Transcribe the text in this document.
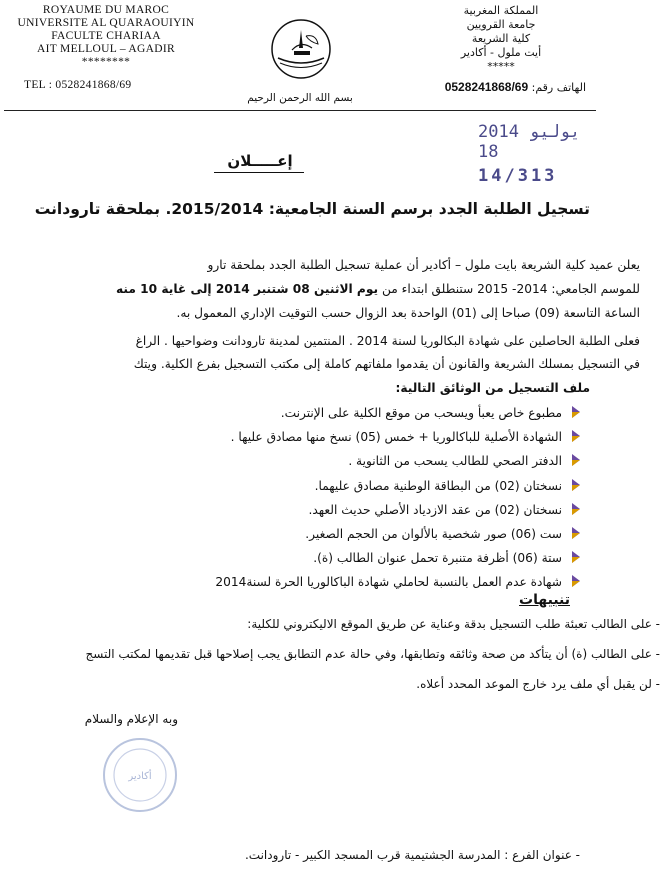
ROYAUME DU MAROC
UNIVERSITE AL QUARAOUIYIN
FACULTE CHARIAA
AIT MELLOUL – AGADIR
********
TEL : 0528241868/69
بسم الله الرحمن الرحيم
المملكة المغربية
جامعة القرويين
كلية الشريعة
أيت ملول - أكادير
*****
الهاتف رقم: 0528241868/69
2014 يوليو 18
14/313
إعـــــلان
تسجيل الطلبة الجدد برسم السنة الجامعية: 2015/2014. بملحقة تارودانت
يعلن عميد كلية الشريعة بايت ملول – أكادير أن عملية تسجيل الطلبة الجدد بملحقة تارو
للموسم الجامعي: 2014- 2015 ستنطلق ابتداء من يوم الاثنين 08 شتنبر 2014 إلى غاية 10 منه
الساعة التاسعة (09) صباحا إلى (01) الواحدة بعد الزوال حسب التوقيت الإداري المعمول به.
فعلى الطلبة الحاصلين على شهادة البكالوريا لسنة 2014 . المنتمين لمدينة تارودانت وضواحيها . الراغ
في التسجيل بمسلك الشريعة والقانون أن يقدموا ملفاتهم كاملة إلى مكتب التسجيل بفرع الكلية. ويتك
ملف التسجيل من الوثائق التالية:
مطبوع خاص يعبأ ويسحب من موقع الكلية على الإنترنت.
الشهادة الأصلية للباكالوريا + خمس (05) نسخ منها مصادق عليها .
الدفتر الصحي للطالب يسحب من الثانوية .
نسختان (02) من البطاقة الوطنية مصادق عليهما.
نسختان (02) من عقد الازدياد الأصلي حديث العهد.
ست (06) صور شخصية بالألوان من الحجم الصغير.
ستة (06) أظرفة متنبرة تحمل عنوان الطالب (ة).
شهادة عدم العمل بالنسبة لحاملي شهادة الباكالوريا الحرة لسنة2014
تنبيهات
- على الطالب تعبئة طلب التسجيل بدقة وعناية عن طريق الموقع الاليكتروني للكلية:
- على الطالب (ة) أن يتأكد من صحة وثائقه وتطابقها، وفي حالة عدم التطابق يجب إصلاحها قبل تقديمها لمكتب التسج
- لن يقبل أي ملف يرد خارج الموعد المحدد أعلاه.
وبه الإعلام والسلام
أكادير
- عنوان الفرع : المدرسة الجشتيمية قرب المسجد الكبير - تارودانت.
